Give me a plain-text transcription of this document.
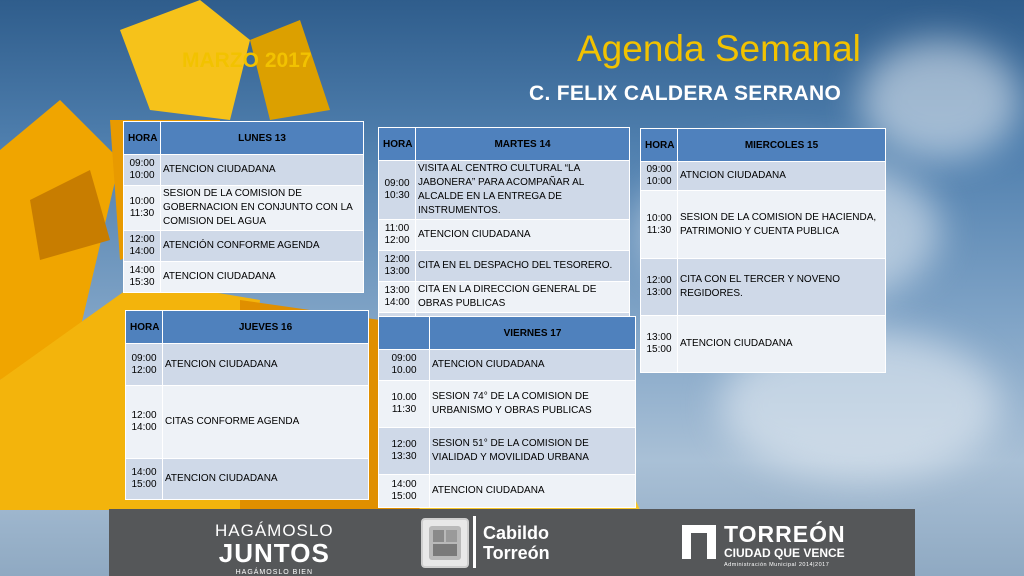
Agenda Semanal
MARZO 2017
C. FELIX CALDERA SERRANO
HORA	LUNES 13
09:00
10:00	ATENCION CIUDADANA
10:00
11:30	SESION DE LA COMISION DE GOBERNACION EN CONJUNTO CON LA COMISION DEL AGUA
12:00
14:00	ATENCIÓN CONFORME AGENDA
14:00
15:30	ATENCION CIUDADANA
HORA	MARTES 14
09:00
10:30	VISITA AL CENTRO CULTURAL “LA JABONERA” PARA ACOMPAÑAR AL ALCALDE EN LA ENTREGA DE INSTRUMENTOS.
11:00
12:00	ATENCION CIUDADANA
12:00
13:00	CITA EN EL DESPACHO DEL TESORERO.
13:00
14:00	CITA EN LA DIRECCION GENERAL DE OBRAS PUBLICAS

HORA	MIERCOLES 15
09:00
10:00	ATNCION CIUDADANA
10:00
11:30	SESION DE LA COMISION DE HACIENDA, PATRIMONIO Y CUENTA PUBLICA
12:00
13:00	CITA CON EL TERCER Y NOVENO REGIDORES.
13:00
15:00	ATENCION CIUDADANA
HORA	JUEVES 16
09:00
12:00	ATENCION CIUDADANA
12:00
14:00	CITAS CONFORME AGENDA
14:00
15:00	ATENCION CIUDADANA
	VIERNES 17
09:00
10.00	ATENCION CIUDADANA
10.00
11:30	SESION 74° DE LA COMISION DE URBANISMO Y OBRAS PUBLICAS
12:00
13:30	SESION 51° DE LA COMISION DE VIALIDAD Y MOVILIDAD URBANA
14:00
15:00	ATENCION CIUDADANA
HAGÁMOSLO
JUNTOS
HAGÁMOSLO BIEN
Cabildo
Torreón
TORREÓN
CIUDAD QUE VENCE
Administración Municipal 2014|2017
